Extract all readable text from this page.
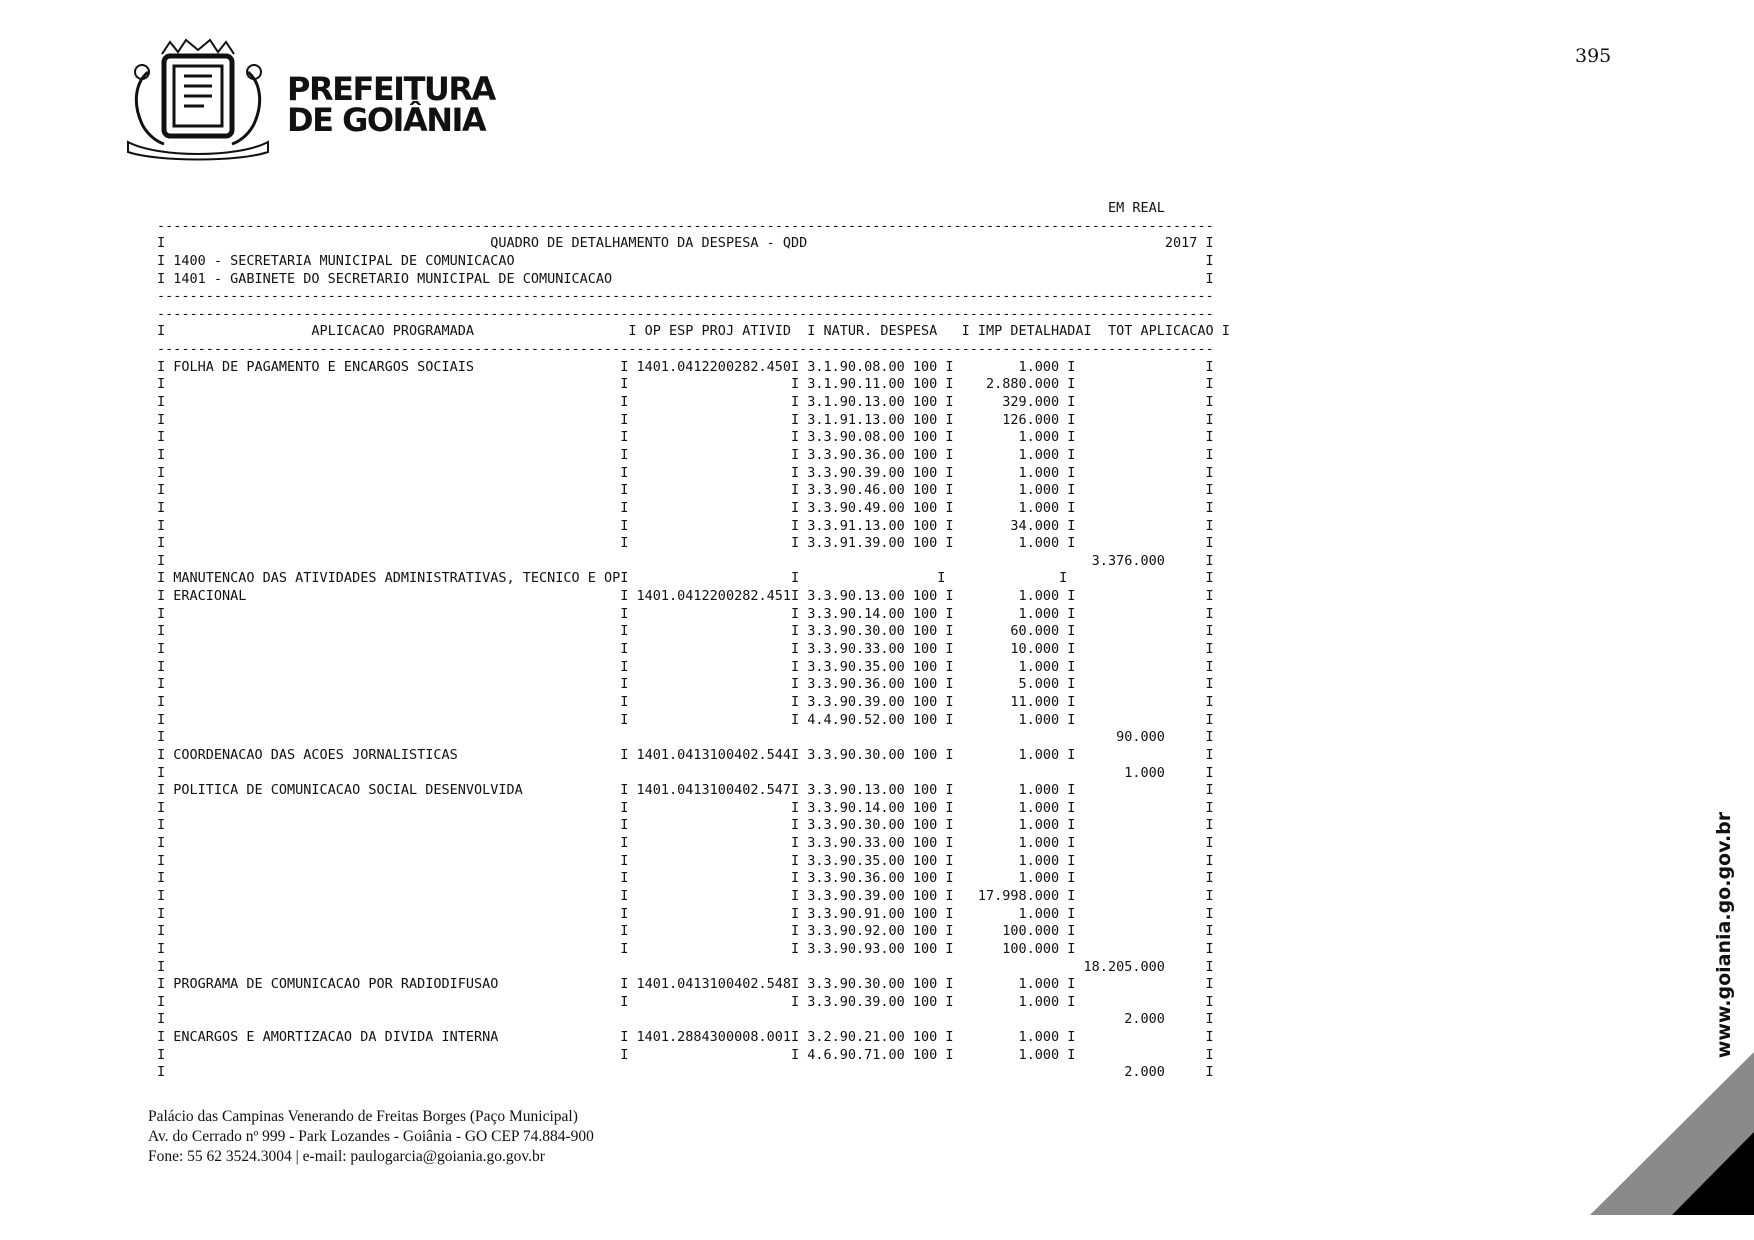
PREFEITURA
DE GOIÂNIA
395
EM REAL
----------------------------------------------------------------------------------------------------------------------------------
I                                        QUADRO DE DETALHAMENTO DA DESPESA - QDD                                            2017 I
I 1400 - SECRETARIA MUNICIPAL DE COMUNICACAO                                                                                     I
I 1401 - GABINETE DO SECRETARIO MUNICIPAL DE COMUNICACAO                                                                         I
----------------------------------------------------------------------------------------------------------------------------------
----------------------------------------------------------------------------------------------------------------------------------
I                  APLICACAO PROGRAMADA                   I OP ESP PROJ ATIVID  I NATUR. DESPESA   I IMP DETALHADAI  TOT APLICACAO I
----------------------------------------------------------------------------------------------------------------------------------
I FOLHA DE PAGAMENTO E ENCARGOS SOCIAIS                  I 1401.0412200282.450I 3.1.90.08.00 100 I        1.000 I                I
I                                                        I                    I 3.1.90.11.00 100 I    2.880.000 I                I
I                                                        I                    I 3.1.90.13.00 100 I      329.000 I                I
I                                                        I                    I 3.1.91.13.00 100 I      126.000 I                I
I                                                        I                    I 3.3.90.08.00 100 I        1.000 I                I
I                                                        I                    I 3.3.90.36.00 100 I        1.000 I                I
I                                                        I                    I 3.3.90.39.00 100 I        1.000 I                I
I                                                        I                    I 3.3.90.46.00 100 I        1.000 I                I
I                                                        I                    I 3.3.90.49.00 100 I        1.000 I                I
I                                                        I                    I 3.3.91.13.00 100 I       34.000 I                I
I                                                        I                    I 3.3.91.39.00 100 I        1.000 I                I
I                                                                                                                  3.376.000     I
I MANUTENCAO DAS ATIVIDADES ADMINISTRATIVAS, TECNICO E OPI                    I                 I              I                 I
I ERACIONAL                                              I 1401.0412200282.451I 3.3.90.13.00 100 I        1.000 I                I
I                                                        I                    I 3.3.90.14.00 100 I        1.000 I                I
I                                                        I                    I 3.3.90.30.00 100 I       60.000 I                I
I                                                        I                    I 3.3.90.33.00 100 I       10.000 I                I
I                                                        I                    I 3.3.90.35.00 100 I        1.000 I                I
I                                                        I                    I 3.3.90.36.00 100 I        5.000 I                I
I                                                        I                    I 3.3.90.39.00 100 I       11.000 I                I
I                                                        I                    I 4.4.90.52.00 100 I        1.000 I                I
I                                                                                                                     90.000     I
I COORDENACAO DAS ACOES JORNALISTICAS                    I 1401.0413100402.544I 3.3.90.30.00 100 I        1.000 I                I
I                                                                                                                      1.000     I
I POLITICA DE COMUNICACAO SOCIAL DESENVOLVIDA            I 1401.0413100402.547I 3.3.90.13.00 100 I        1.000 I                I
I                                                        I                    I 3.3.90.14.00 100 I        1.000 I                I
I                                                        I                    I 3.3.90.30.00 100 I        1.000 I                I
I                                                        I                    I 3.3.90.33.00 100 I        1.000 I                I
I                                                        I                    I 3.3.90.35.00 100 I        1.000 I                I
I                                                        I                    I 3.3.90.36.00 100 I        1.000 I                I
I                                                        I                    I 3.3.90.39.00 100 I   17.998.000 I                I
I                                                        I                    I 3.3.90.91.00 100 I        1.000 I                I
I                                                        I                    I 3.3.90.92.00 100 I      100.000 I                I
I                                                        I                    I 3.3.90.93.00 100 I      100.000 I                I
I                                                                                                                 18.205.000     I
I PROGRAMA DE COMUNICACAO POR RADIODIFUSAO               I 1401.0413100402.548I 3.3.90.30.00 100 I        1.000 I                I
I                                                        I                    I 3.3.90.39.00 100 I        1.000 I                I
I                                                                                                                      2.000     I
I ENCARGOS E AMORTIZACAO DA DIVIDA INTERNA               I 1401.2884300008.001I 3.2.90.21.00 100 I        1.000 I                I
I                                                        I                    I 4.6.90.71.00 100 I        1.000 I                I
I                                                                                                                      2.000     I
Palácio das Campinas Venerando de Freitas Borges (Paço Municipal)
Av. do Cerrado nº 999 - Park Lozandes - Goiânia - GO CEP 74.884-900
Fone: 55 62 3524.3004 | e-mail: paulogarcia@goiania.go.gov.br
www.goiania.go.gov.br
